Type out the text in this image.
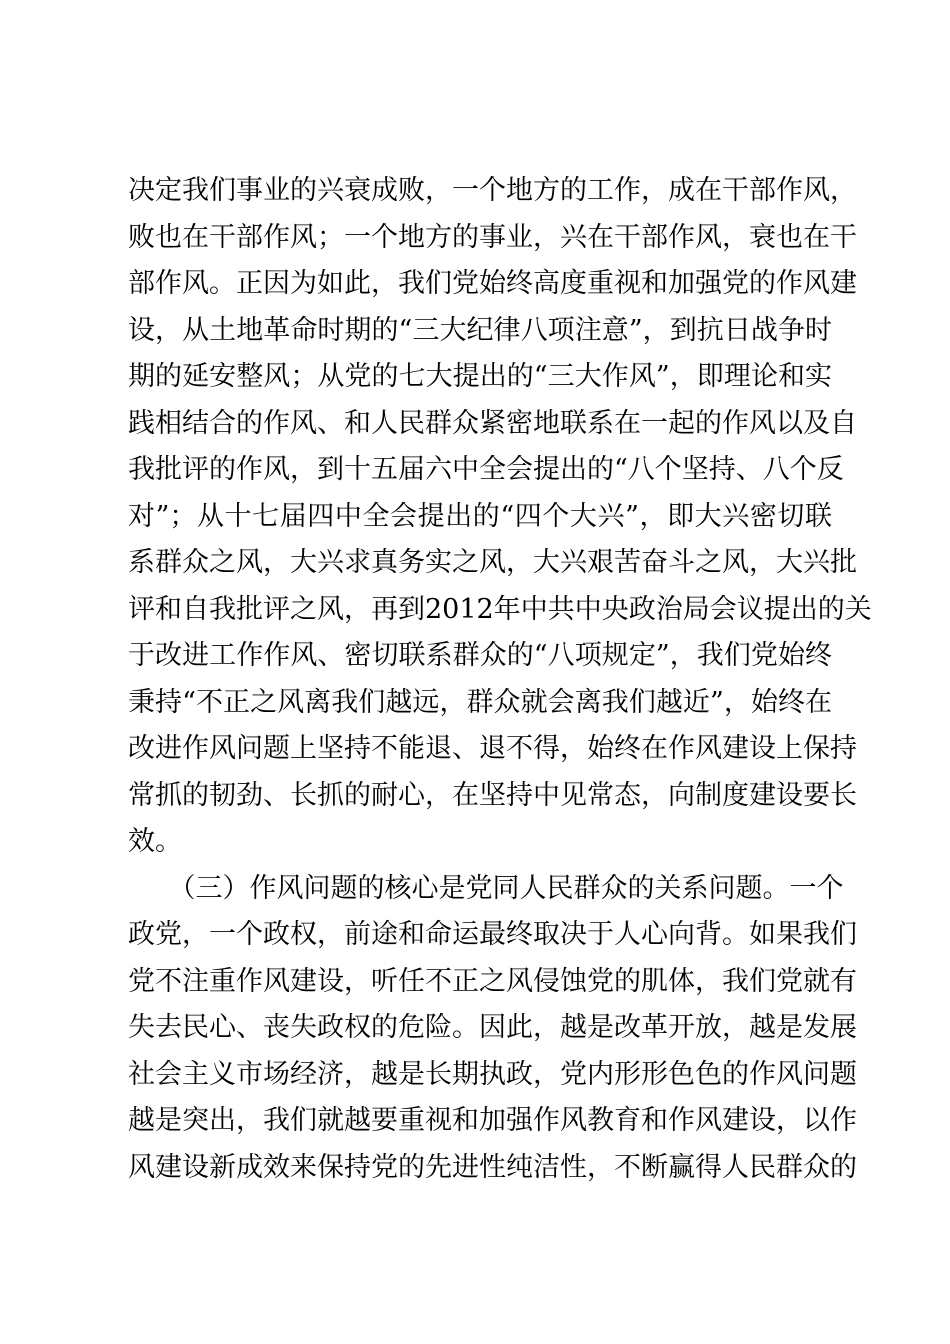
决定我们事业的兴衰成败，一个地方的工作，成在干部作风，
败也在干部作风；一个地方的事业，兴在干部作风，衰也在干
部作风。正因为如此，我们党始终高度重视和加强党的作风建
设，从土地革命时期的“三大纪律八项注意”，到抗日战争时
期的延安整风；从党的七大提出的“三大作风”，即理论和实
践相结合的作风、和人民群众紧密地联系在一起的作风以及自
我批评的作风，到十五届六中全会提出的“八个坚持、八个反
对”；从十七届四中全会提出的“四个大兴”，即大兴密切联
系群众之风，大兴求真务实之风，大兴艰苦奋斗之风，大兴批
评和自我批评之风，再到2012年中共中央政治局会议提出的关
于改进工作作风、密切联系群众的“八项规定”，我们党始终
秉持“不正之风离我们越远，群众就会离我们越近”，始终在
改进作风问题上坚持不能退、退不得，始终在作风建设上保持
常抓的韧劲、长抓的耐心，在坚持中见常态，向制度建设要长
效。
　　（三）作风问题的核心是党同人民群众的关系问题。一个
政党，一个政权，前途和命运最终取决于人心向背。如果我们
党不注重作风建设，听任不正之风侵蚀党的肌体，我们党就有
失去民心、丧失政权的危险。因此，越是改革开放，越是发展
社会主义市场经济，越是长期执政，党内形形色色的作风问题
越是突出，我们就越要重视和加强作风教育和作风建设，以作
风建设新成效来保持党的先进性纯洁性，不断赢得人民群众的
